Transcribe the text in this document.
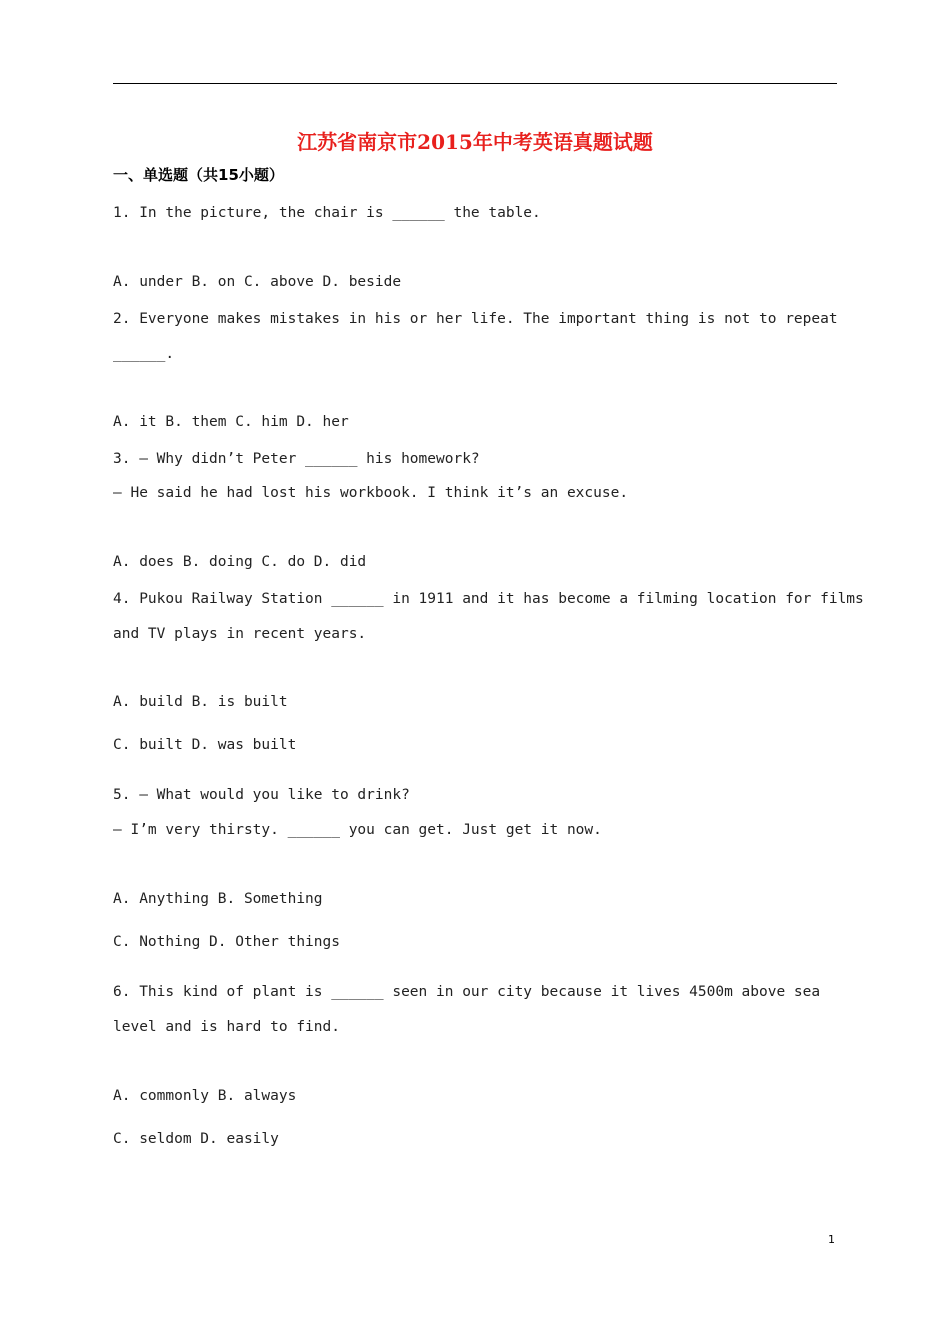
江苏省南京市2015年中考英语真题试题
一、单选题（共15小题）
1. In the picture, the chair is ______ the table.
A. under B. on C. above D. beside
2. Everyone makes mistakes in his or her life. The important thing is not to repeat
______.
A. it B. them C. him D. her
3. — Why didn’t Peter ______ his homework?
— He said he had lost his workbook. I think it’s an excuse.
A. does B. doing C. do D. did
4. Pukou Railway Station ______ in 1911 and it has become a filming location for films
and TV plays in recent years.
A. build B. is built
C. built D. was built
5. — What would you like to drink?
— I’m very thirsty. ______ you can get. Just get it now.
A. Anything B. Something
C. Nothing D. Other things
6. This kind of plant is ______ seen in our city because it lives 4500m above sea
level and is hard to find.
A. commonly B. always
C. seldom D. easily
1
